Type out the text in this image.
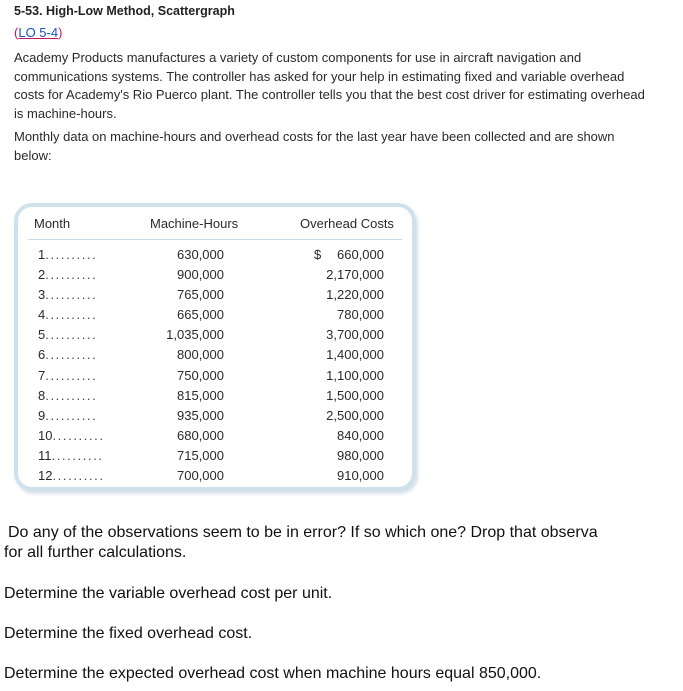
5-53. High-Low Method, Scattergraph
(LO 5-4)

Academy Products manufactures a variety of custom components for use in aircraft navigation and communications systems. The controller has asked for your help in estimating fixed and variable overhead costs for Academy's Rio Puerco plant. The controller tells you that the best cost driver for estimating overhead is machine-hours.

Monthly data on machine-hours and overhead costs for the last year have been collected and are shown below:

Month	Machine-Hours	Overhead Costs
1..........	630,000	$ 660,000
2..........	900,000	2,170,000
3..........	765,000	1,220,000
4..........	665,000	780,000
5..........	1,035,000	3,700,000
6..........	800,000	1,400,000
7..........	750,000	1,100,000
8..........	815,000	1,500,000
9..........	935,000	2,500,000
10..........	680,000	840,000
11..........	715,000	980,000
12..........	700,000	910,000

Do any of the observations seem to be in error? If so which one? Drop that observa

for all further calculations.

Determine the variable overhead cost per unit.

Determine the fixed overhead cost.

Determine the expected overhead cost when machine hours equal 850,000.
